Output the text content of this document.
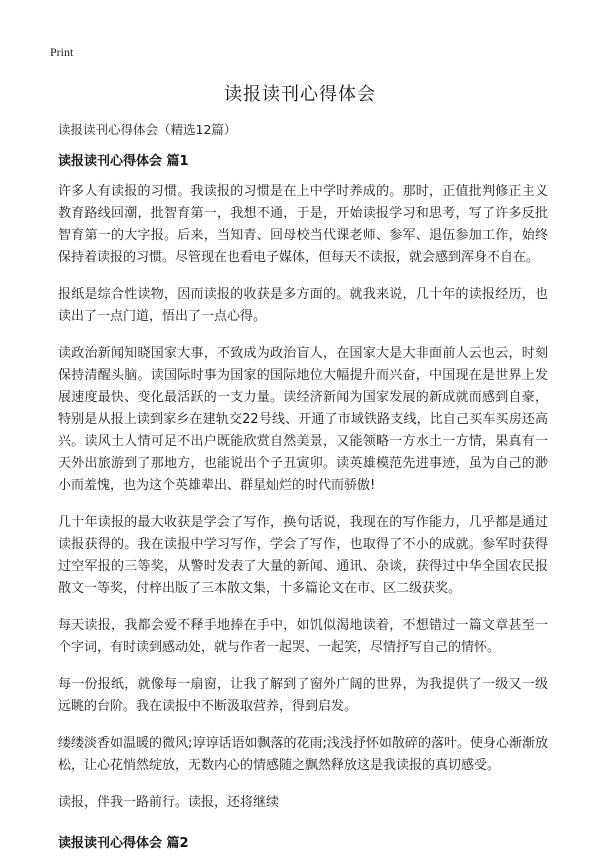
Print
读报读刊心得体会
读报读刊心得体会（精选12篇）
读报读刊心得体会 篇1

许多人有读报的习惯。我读报的习惯是在上中学时养成的。那时，正值批判修正主义教育路线回潮，批智育第一，我想不通，于是，开始读报学习和思考，写了许多反批智育第一的大字报。后来，当知青、回母校当代课老师、参军、退伍参加工作，始终保持着读报的习惯。尽管现在也看电子媒体，但每天不读报，就会感到浑身不自在。

报纸是综合性读物，因而读报的收获是多方面的。就我来说，几十年的读报经历，也读出了一点门道，悟出了一点心得。

读政治新闻知晓国家大事，不致成为政治盲人，在国家大是大非面前人云也云，时刻保持清醒头脑。读国际时事为国家的国际地位大幅提升而兴奋，中国现在是世界上发展速度最快、变化最活跃的一支力量。读经济新闻为国家发展的新成就而感到自豪，特别是从报上读到家乡在建轨交22号线、开通了市域铁路支线，比自己买车买房还高兴。读风土人情可足不出户既能欣赏自然美景，又能领略一方水土一方情，果真有一天外出旅游到了那地方，也能说出个子丑寅卯。读英雄模范先进事迹，虽为自己的渺小而羞愧，也为这个英雄辈出、群星灿烂的时代而骄傲!

几十年读报的最大收获是学会了写作，换句话说，我现在的写作能力，几乎都是通过读报获得的。我在读报中学习写作，学会了写作，也取得了不小的成就。参军时获得过空军报的三等奖，从警时发表了大量的新闻、通讯、杂谈，获得过中华全国农民报散文一等奖，付梓出版了三本散文集，十多篇论文在市、区二级获奖。

每天读报，我都会爱不释手地捧在手中，如饥似渴地读着，不想错过一篇文章甚至一个字词，有时读到感动处，就与作者一起哭、一起笑，尽情抒写自己的情怀。

每一份报纸，就像每一扇窗，让我了解到了窗外广阔的世界，为我提供了一级又一级远眺的台阶。我在读报中不断汲取营养，得到启发。

缕缕淡香如温暖的微风;谆谆话语如飘落的花雨;浅浅抒怀如散碎的落叶。使身心渐渐放松，让心花悄然绽放，无数内心的情感随之飘然释放这是我读报的真切感受。

读报，伴我一路前行。读报，还将继续

读报读刊心得体会 篇2
